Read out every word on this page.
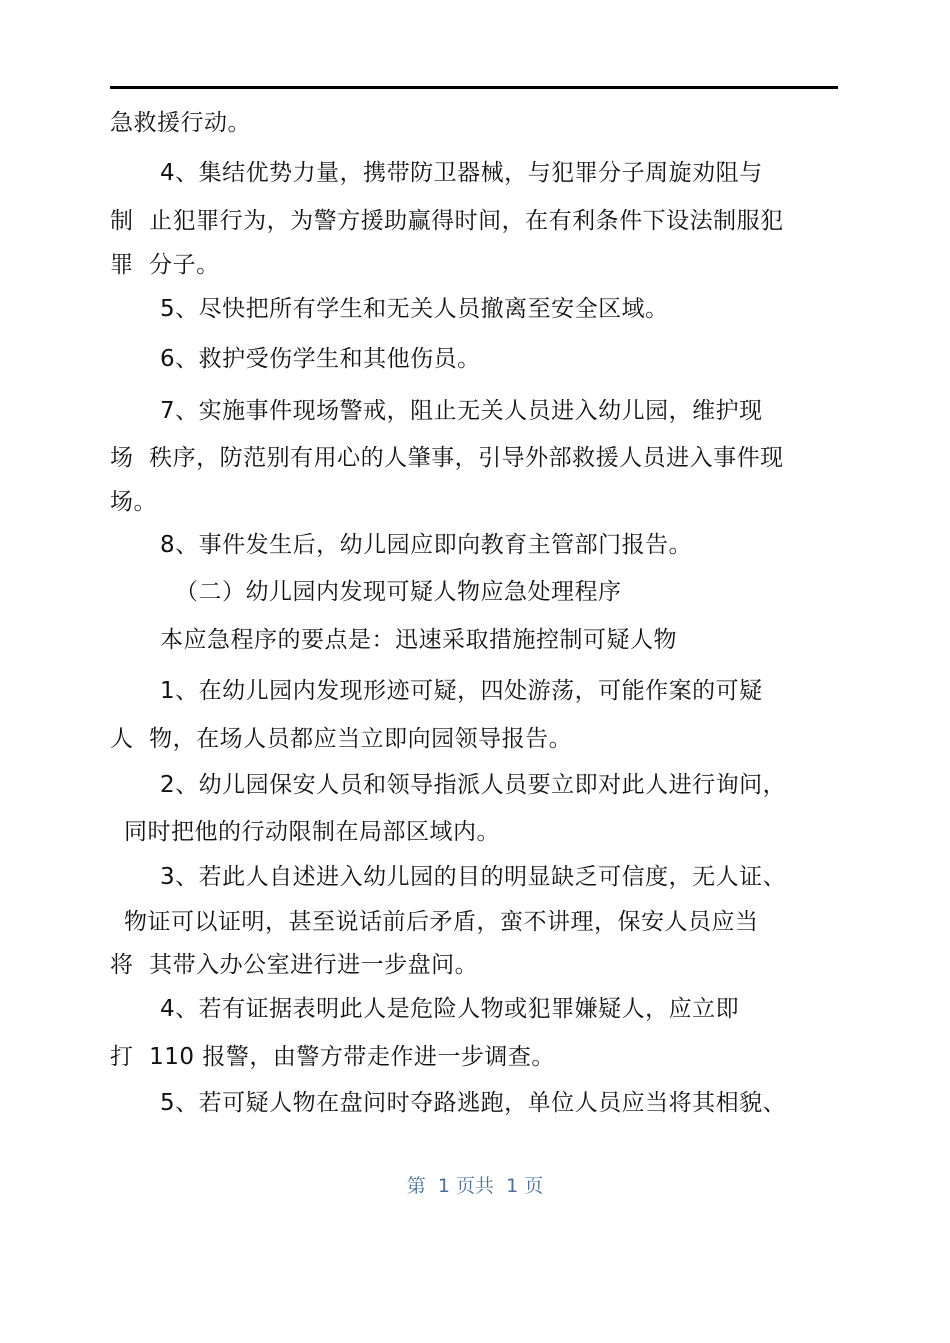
急救援行动。
4、集结优势力量，携带防卫器械，与犯罪分子周旋劝阻与
制  止犯罪行为，为警方援助赢得时间，在有利条件下设法制服犯
罪  分子。
5、尽快把所有学生和无关人员撤离至安全区域。
6、救护受伤学生和其他伤员。
7、实施事件现场警戒，阻止无关人员进入幼儿园，维护现
场  秩序，防范别有用心的人肇事，引导外部救援人员进入事件现
场。
8、事件发生后，幼儿园应即向教育主管部门报告。
（二）幼儿园内发现可疑人物应急处理程序
本应急程序的要点是：迅速采取措施控制可疑人物
1、在幼儿园内发现形迹可疑，四处游荡，可能作案的可疑
人  物，在场人员都应当立即向园领导报告。
2、幼儿园保安人员和领导指派人员要立即对此人进行询问，
同时把他的行动限制在局部区域内。
3、若此人自述进入幼儿园的目的明显缺乏可信度，无人证、
物证可以证明，甚至说话前后矛盾，蛮不讲理，保安人员应当
将  其带入办公室进行进一步盘问。
4、若有证据表明此人是危险人物或犯罪嫌疑人，应立即
打  110 报警，由警方带走作进一步调查。
5、若可疑人物在盘问时夺路逃跑，单位人员应当将其相貌、
第  1 页共  1 页
